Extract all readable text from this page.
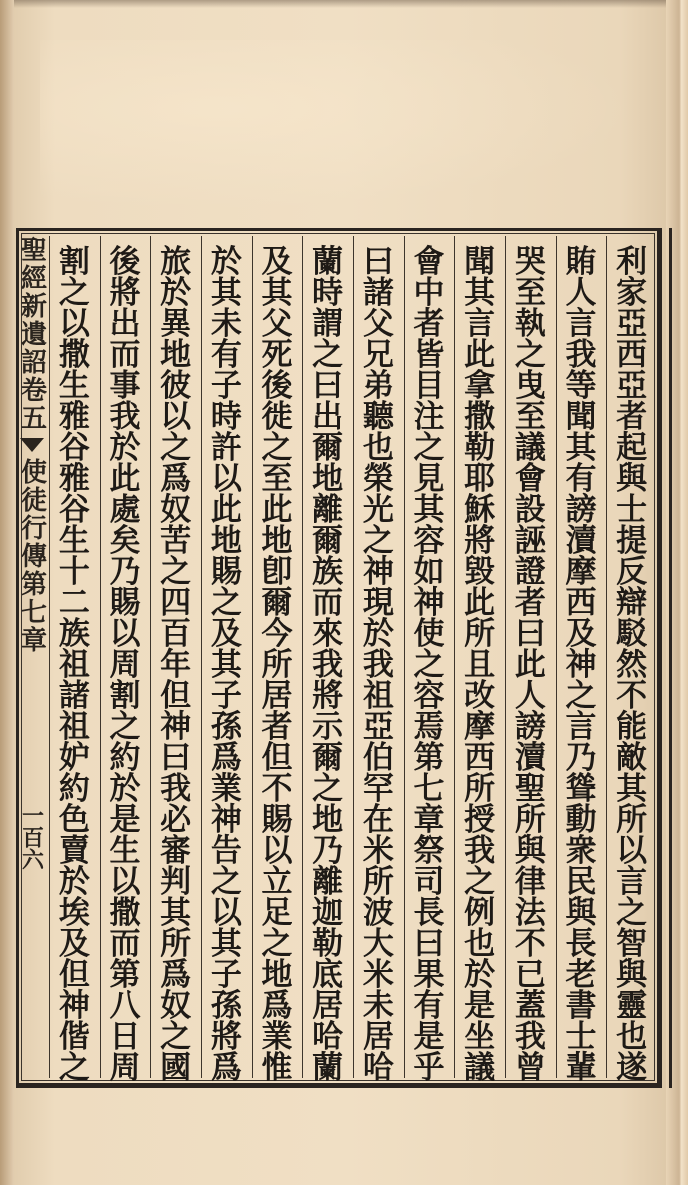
利
家
亞
西
亞
者
起
與
士
提
反
辯
駁
然
不
能
敵
其
所
以
言
之
智
與
靈
也
遂
賄
人
言
我
等
聞
其
有
謗
瀆
摩
西
及
神
之
言
乃
聳
動
衆
民
與
長
老
書
士
輩
哭
至
執
之
曳
至
議
會
設
誣
證
者
曰
此
人
謗
瀆
聖
所
與
律
法
不
已
蓋
我
曾
聞
其
言
此
拿
撒
勒
耶
穌
將
毀
此
所
且
改
摩
西
所
授
我
之
例
也
於
是
坐
議
會
中
者
皆
目
注
之
見
其
容
如
神
使
之
容
焉
第
七
章
祭
司
長
曰
果
有
是
乎
曰
諸
父
兄
弟
聽
也
榮
光
之
神
現
於
我
祖
亞
伯
罕
在
米
所
波
大
米
未
居
哈
蘭
時
謂
之
曰
出
爾
地
離
爾
族
而
來
我
將
示
爾
之
地
乃
離
迦
勒
底
居
哈
蘭
及
其
父
死
後
徙
之
至
此
地
卽
爾
今
所
居
者
但
不
賜
以
立
足
之
地
爲
業
惟
於
其
未
有
子
時
許
以
此
地
賜
之
及
其
子
孫
爲
業
神
告
之
以
其
子
孫
將
爲
旅
於
異
地
彼
以
之
爲
奴
苦
之
四
百
年
但
神
曰
我
必
審
判
其
所
爲
奴
之
國
後
將
出
而
事
我
於
此
處
矣
乃
賜
以
周
割
之
約
於
是
生
以
撒
而
第
八
日
周
割
之
以
撒
生
雅
谷
雅
谷
生
十
二
族
祖
諸
祖
妒
約
色
賣
於
埃
及
但
神
偕
之
聖經新遺詔卷五
使徒行傳第七章
一百六
